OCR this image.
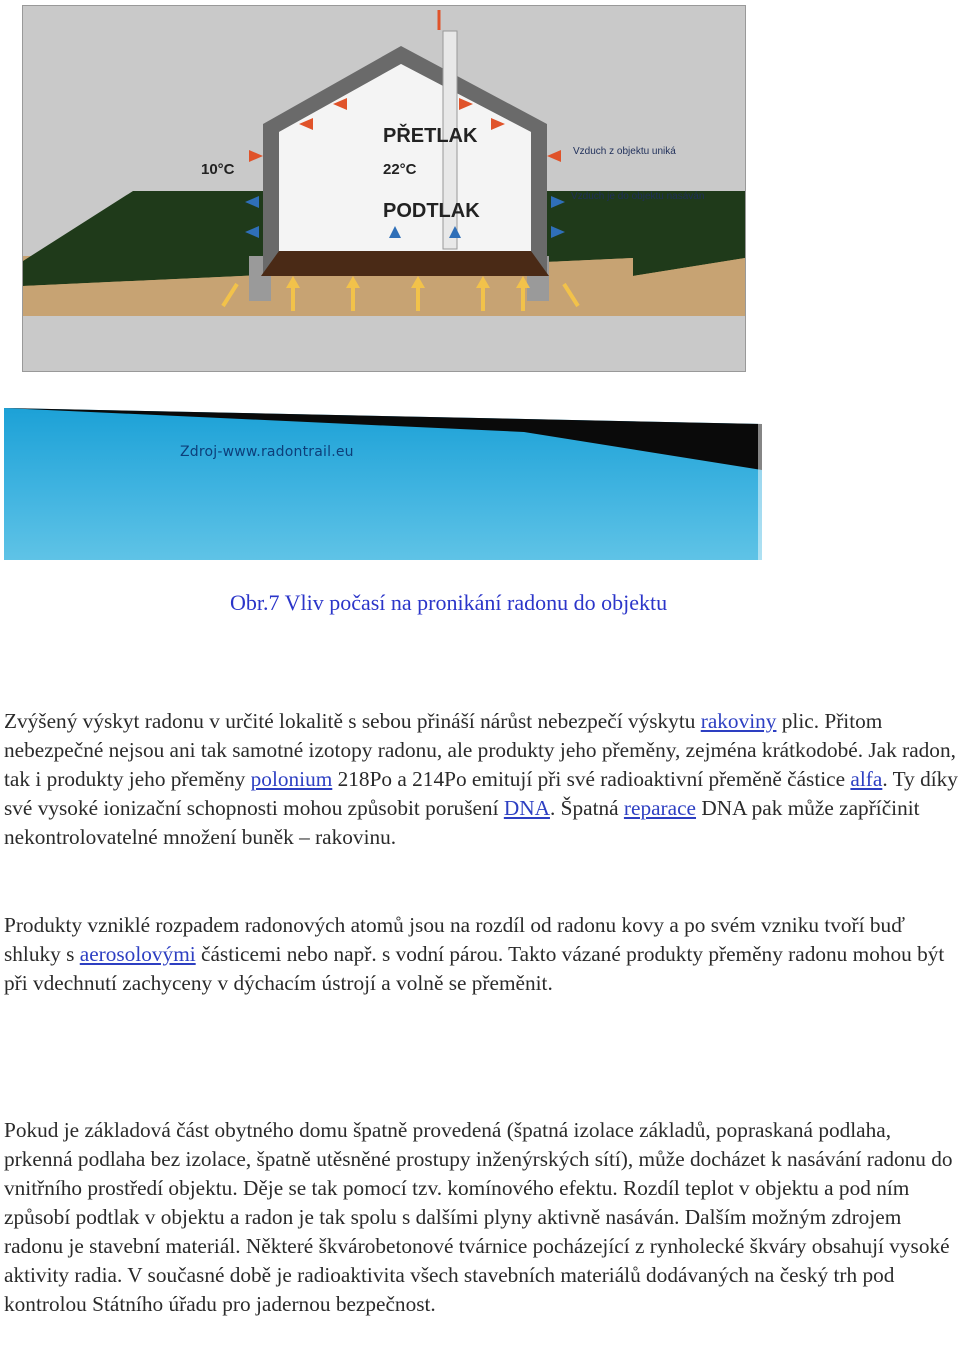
10°C
PŘETLAK
22°C
PODTLAK
Vzduch z objektu uniká
Vzduch je do objektu nasáván
Zdroj-www.radontrail.eu
Obr.7 Vliv počasí na pronikání radonu do objektu
Zvýšený výskyt radonu v určité lokalitě s sebou přináší nárůst nebezpečí výskytu rakoviny plic. Přitom nebezpečné nejsou ani tak samotné izotopy radonu, ale produkty jeho přeměny, zejména krátkodobé. Jak radon, tak i produkty jeho přeměny polonium 218Po a 214Po emitují při své radioaktivní přeměně částice alfa. Ty díky své vysoké ionizační schopnosti mohou způsobit porušení DNA. Špatná reparace DNA pak může zapříčinit nekontrolovatelné množení buněk – rakovinu.
Produkty vzniklé rozpadem radonových atomů jsou na rozdíl od radonu kovy a po svém vzniku tvoří buď shluky s aerosolovými částicemi nebo např. s vodní párou. Takto vázané produkty přeměny radonu mohou být při vdechnutí zachyceny v dýchacím ústrojí a volně se přeměnit.
Pokud je základová část obytného domu špatně provedená (špatná izolace základů, popraskaná podlaha, prkenná podlaha bez izolace, špatně utěsněné prostupy inženýrských sítí), může docházet k nasávání radonu do vnitřního prostředí objektu. Děje se tak pomocí tzv. komínového efektu. Rozdíl teplot v objektu a pod ním způsobí podtlak v objektu a radon je tak spolu s dalšími plyny aktivně nasáván. Dalším možným zdrojem radonu je stavební materiál. Některé škvárobetonové tvárnice pocházející z rynholecké škváry obsahují vysoké aktivity radia. V současné době je radioaktivita všech stavebních materiálů dodávaných na český trh pod kontrolou Státního úřadu pro jadernou bezpečnost.
